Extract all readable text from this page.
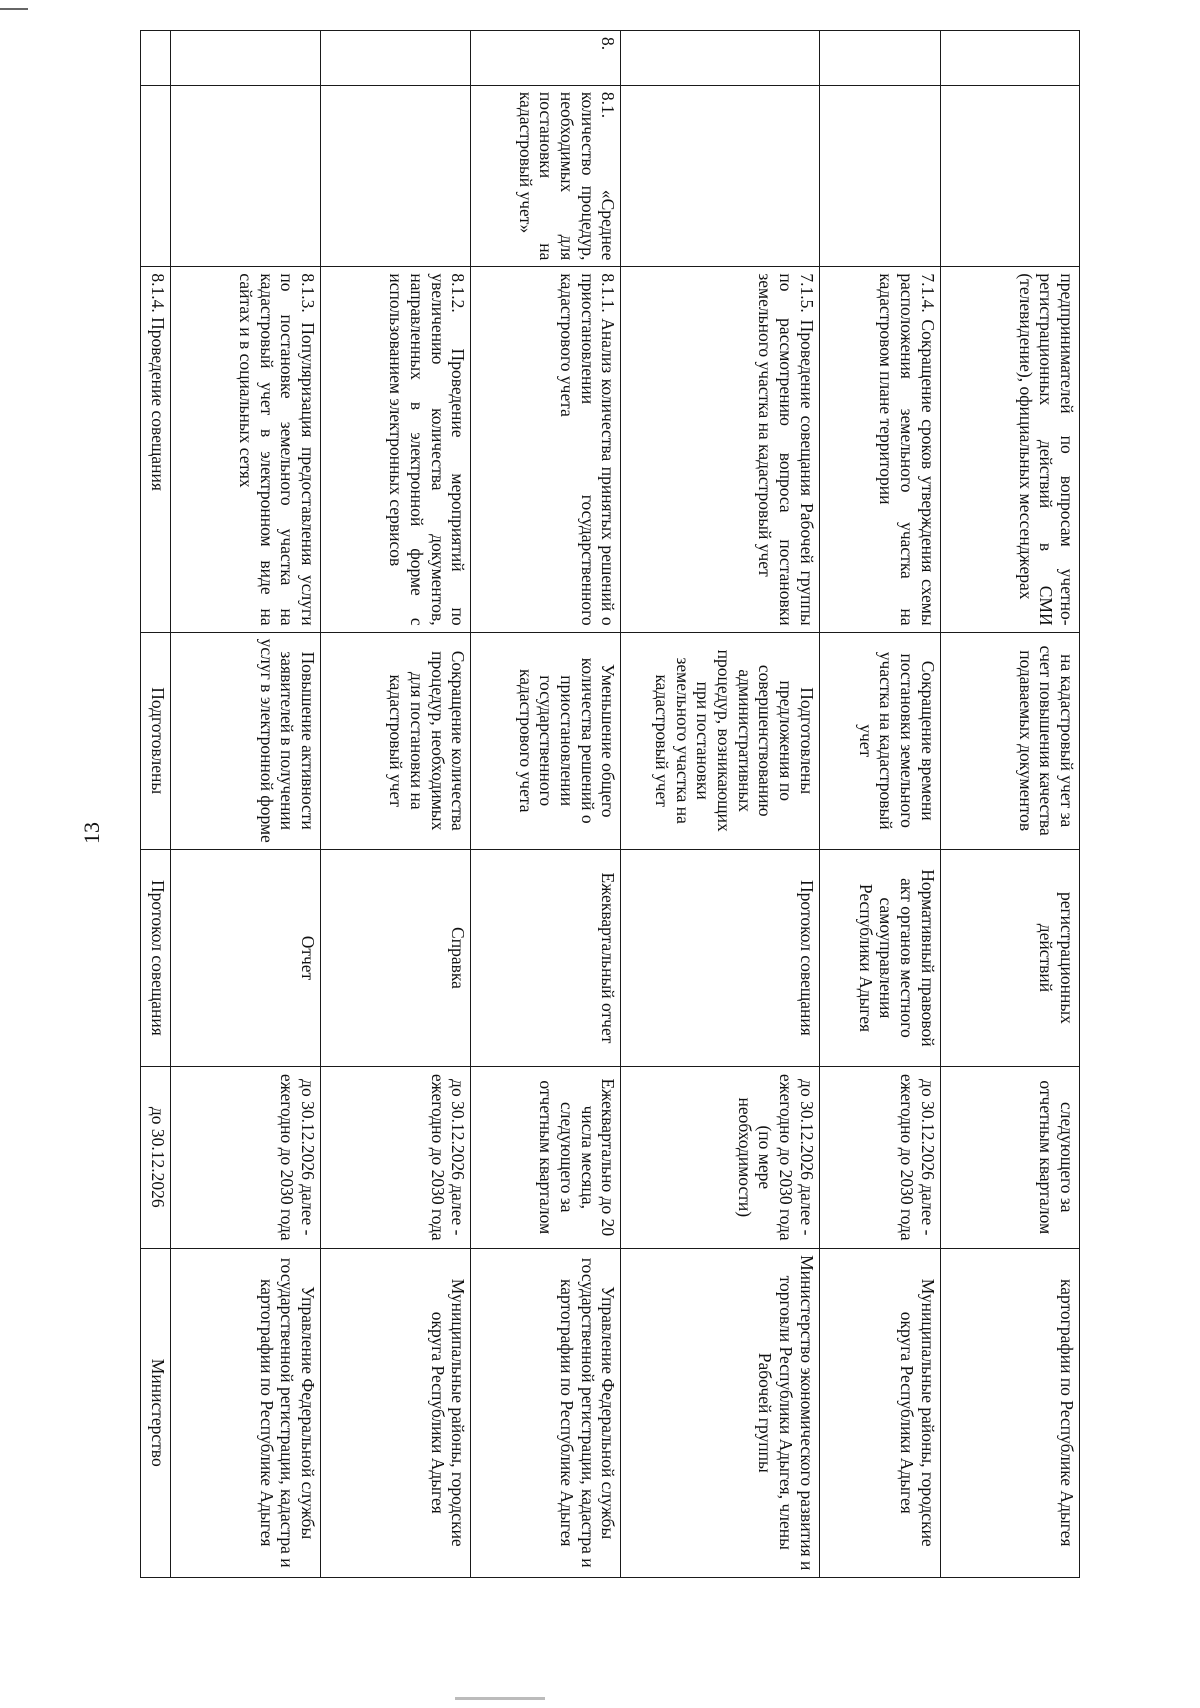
13
		предпринимателей по вопросам учетно-регистрационных действий в СМИ (телевидение), официальных мессенджерах	на кадастровый учет за счет повышения качества подаваемых документов	регистрационных действий	следующего за отчетным кварталом	картографии по Республике Адыгея
		7.1.4. Сокращение сроков утверждения схемы расположения земельного участка на кадастровом плане территории	Сокращение времени постановки земельного участка на кадастровый учет	Нормативный правовой акт органов местного самоуправления Республики Адыгея	до 30.12.2026 далее - ежегодно до 2030 года	Муниципальные районы, городские округа Республики Адыгея
		7.1.5. Проведение совещания Рабочей группы по рассмотрению вопроса постановки земельного участка на кадастровый учет	Подготовлены предложения по совершенствованию административных процедур, возникающих при постановки земельного участка на кадастровый учет	Протокол совещания	до 30.12.2026 далее - ежегодно до 2030 года (по мере необходимости)	Министерство экономического развития и торговли Республики Адыгея, члены Рабочей группы
8.	8.1. «Среднее количество процедур, необходимых для постановки на кадастровый учет»	8.1.1. Анализ количества принятых решений о приостановлении государственного кадастрового учета	Уменьшение общего количества решений о приостановлении государственного кадастрового учета	Ежеквартальный отчет	Ежеквартально до 20 числа месяца, следующего за отчетным кварталом	Управление Федеральной службы государственной регистрации, кадастра и картографии по Республике Адыгея
		8.1.2. Проведение мероприятий по увеличению количества документов, направленных в электронной форме с использованием электронных сервисов	Сокращение количества процедур, необходимых для постановки на кадастровый учет	Справка	до 30.12.2026 далее - ежегодно до 2030 года	Муниципальные районы, городские округа Республики Адыгея
		8.1.3. Популяризация предоставления услуги по постановке земельного участка на кадастровый учет в электронном виде на сайтах и в социальных сетях	Повышение активности заявителей в получении услуг в электронной форме	Отчет	до 30.12.2026 далее - ежегодно до 2030 года	Управление Федеральной службы государственной регистрации, кадастра и картографии по Республике Адыгея
		8.1.4. Проведение совещания	Подготовлены	Протокол совещания	до 30.12.2026	Министерство
